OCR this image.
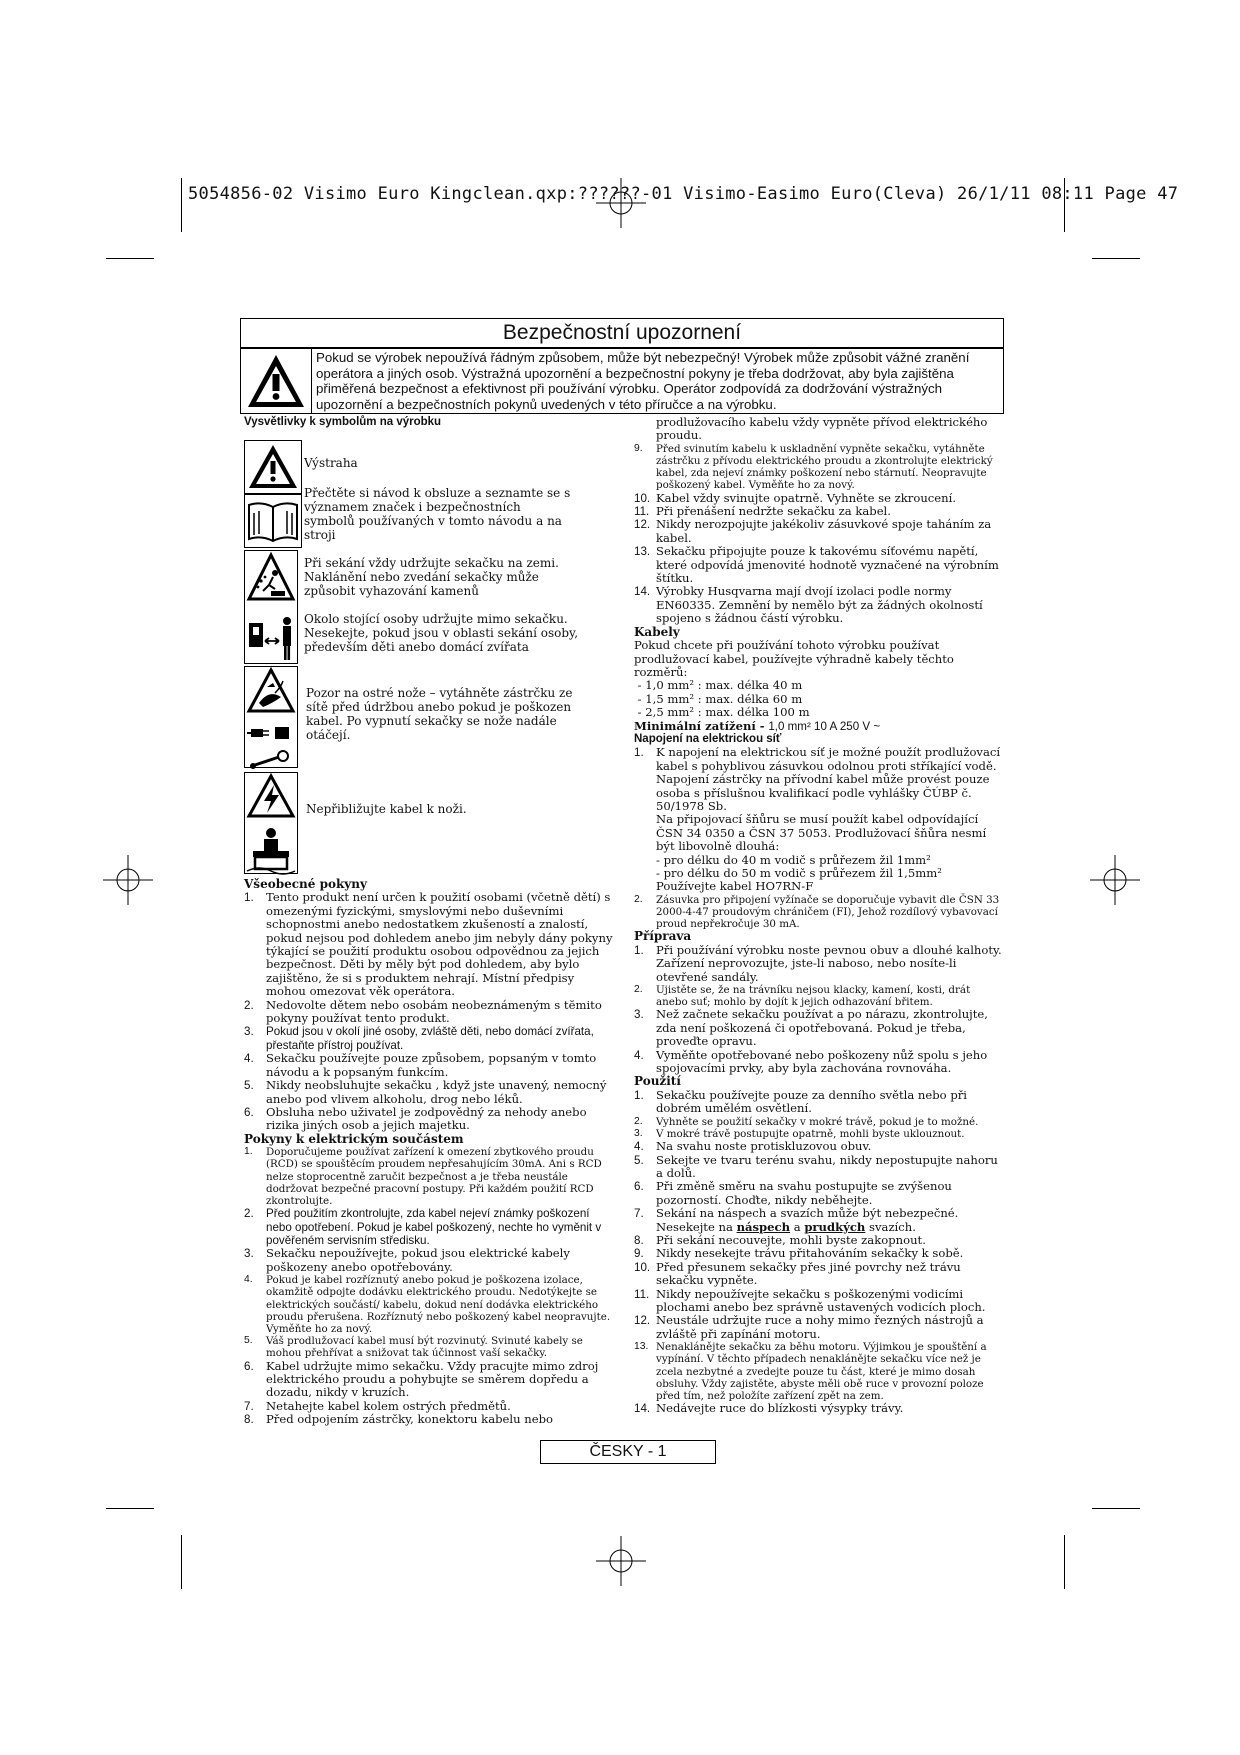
5054856-02 Visimo Euro Kingclean.qxp:??????-01 Visimo-Easimo Euro(Cleva) 26/1/11 08:11 Page 47
Bezpečnostní upozornení
Pokud se výrobek nepoužívá řádným způsobem, může být nebezpečný! Výrobek může způsobit vážné zranění operátora a jiných osob. Výstražná upozornění a bezpečnostní pokyny je třeba dodržovat, aby byla zajištěna přiměřená bezpečnost a efektivnost při používání výrobku. Operátor zodpovídá za dodržování výstražných upozornění a bezpečnostních pokynů uvedených v této příručce a na výrobku.
Vysvětlivky k symbolům na výrobku
Výstraha
Přečtěte si návod k obsluze a seznamte se s významem značek i bezpečnostních symbolů používaných v tomto návodu a na stroji

Při sekání vždy udržujte sekačku na zemi. Naklánění nebo zvedání sekačky může způsobit vyhazování kamenů
Okolo stojící osoby udržujte mimo sekačku. Nesekejte, pokud jsou v oblasti sekání osoby, především děti anebo domácí zvířata

Pozor na ostré nože – vytáhněte zástrčku ze sítě před údržbou anebo pokud je poškozen kabel. Po vypnutí sekačky se nože nadále otáčejí.

Nepřibližujte kabel k noži.
Všeobecné pokyny
1. Tento produkt není určen k použití osobami (včetně dětí) s omezenými fyzickými, smyslovými nebo duševními schopnostmi anebo nedostatkem zkušeností a znalostí, pokud nejsou pod dohledem anebo jim nebyly dány pokyny týkající se použití produktu osobou odpovědnou za jejich bezpečnost. Děti by měly být pod dohledem, aby bylo zajištěno, že si s produktem nehrají. Místní předpisy mohou omezovat věk operátora.
2. Nedovolte dětem nebo osobám neobeznámeným s tĕmito pokyny používat tento produkt.
3. Pokud jsou v okolí jiné osoby, zvláště děti, nebo domácí zvířata, přestaňte přístroj používat.
4. Sekačku používejte pouze způsobem, popsaným v tomto návodu a k popsaným funkcím.
5. Nikdy neobsluhujte sekačku , když jste unavený, nemocný anebo pod vlivem alkoholu, drog nebo léků.
6. Obsluha nebo uživatel je zodpovědný za nehody anebo rizika jiných osob a jejich majetku.
Pokyny k elektrickým součástem
1. Doporučujeme používat zařízení k omezení zbytkového proudu (RCD) se spouštěcím proudem nepřesahujícím 30mA. Ani s RCD nelze stoprocentně zaručit bezpečnost a je třeba neustále dodržovat bezpečné pracovní postupy. Při každém použití RCD zkontrolujte.
2. Před použitím zkontrolujte, zda kabel nejeví známky poškození nebo opotřebení. Pokud je kabel poškozený, nechte ho vyměnit v pověřeném servisním středisku.
3. Sekačku nepoužívejte, pokud jsou elektrické kabely poškozeny anebo opotřebovány.
4. Pokud je kabel rozříznutý anebo pokud je poškozena izolace, okamžitě odpojte dodávku elektrického proudu. Nedotýkejte se elektrických součástí/ kabelu, dokud není dodávka elektrického proudu přerušena. Rozříznutý nebo poškozený kabel neopravujte. Vyměňte ho za nový.
5. Váš prodlužovací kabel musí být rozvinutý. Svinuté kabely se mohou přehřívat a snižovat tak účinnost vaší sekačky.
6. Kabel udržujte mimo sekačku. Vždy pracujte mimo zdroj elektrického proudu a pohybujte se směrem dopředu a dozadu, nikdy v kruzích.
7. Netahejte kabel kolem ostrých předmětů.
8. Před odpojením zástrčky, konektoru kabelu nebo

prodlužovacího kabelu vždy vypněte přívod elektrického proudu.

9. Před svinutím kabelu k uskladnění vypněte sekačku, vytáhněte zástrčku z přívodu elektrického proudu a zkontrolujte elektrický kabel, zda nejeví známky poškození nebo stárnutí. Neopravujte poškozený kabel. Vyměňte ho za nový.
10. Kabel vždy svinujte opatrně. Vyhněte se zkroucení.
11. Při přenášení nedržte sekačku za kabel.
12. Nikdy nerozpojujte jakékoliv zásuvkové spoje taháním za kabel.
13. Sekačku připojujte pouze k takovému síťovému napětí, které odpovídá jmenovité hodnotě vyznačené na výrobním štítku.
14. Výrobky Husqvarna mají dvojí izolaci podle normy EN60335. Zemnění by nemělo být za žádných okolností spojeno s žádnou částí výrobku.
Kabely

Pokud chcete při používání tohoto výrobku používat prodlužovací kabel, používejte výhradně kabely těchto rozměrů:

- 1,0 mm² : max. délka 40 m
- 1,5 mm² : max. délka 60 m
- 2,5 mm² : max. délka 100 m
Minimální zatížení - 1,0 mm² 10 A 250 V ~
Napojení na elektrickou síť
1. K napojení na elektrickou síť je možné použít prodlužovací kabel s pohyblivou zásuvkou odolnou proti stříkající vodě. Napojení zástrčky na přívodní kabel může provést pouze osoba s příslušnou kvalifikací podle vyhlášky ČÚBP č. 50/1978 Sb.
Na připojovací šňůru se musí použít kabel odpovídající ČSN 34 0350 a ČSN 37 5053. Prodlužovací šňůra nesmí být libovolně dlouhá:
- pro délku do 40 m vodič s průřezem žil 1mm²
- pro délku do 50 m vodič s průřezem žil 1,5mm²
Používejte kabel HO7RN-F
2. Zásuvka pro připojení vyžínače se doporučuje vybavit dle ČSN 33 2000-4-47 proudovým chráničem (FI), Jehož rozdílový vybavovací proud nepřekročuje 30 mA.
Příprava
1. Při používání výrobku noste pevnou obuv a dlouhé kalhoty. Zařízení neprovozujte, jste-li naboso, nebo nosíte-li otevřené sandály.
2. Ujistěte se, že na trávníku nejsou klacky, kamení, kosti, drát anebo suť; mohlo by dojít k jejich odhazování břitem.
3. Než začnete sekačku používat a po nárazu, zkontrolujte, zda není poškozená či opotřebovaná. Pokud je třeba, proveďte opravu.
4. Vyměňte opotřebované nebo poškozeny nůž spolu s jeho spojovacími prvky, aby byla zachována rovnováha.
Použití
1. Sekačku používejte pouze za denního světla nebo při dobrém umělém osvětlení.
2. Vyhněte se použití sekačky v mokré trávě, pokud je to možné.
3. V mokré trávě postupujte opatrně, mohli byste uklouznout.
4. Na svahu noste protiskluzovou obuv.
5. Sekejte ve tvaru terénu svahu, nikdy nepostupujte nahoru a dolů.
6. Při změně směru na svahu postupujte se zvýšenou pozorností. Choďte, nikdy neběhejte.
7. Sekání na náspech a svazích může být nebezpečné. Nesekejte na náspech a prudkých svazích.
8. Při sekání necouvejte, mohli byste zakopnout.
9. Nikdy nesekejte trávu přitahováním sekačky k sobě.
10. Před přesunem sekačky přes jiné povrchy než trávu sekačku vypněte.
11. Nikdy nepoužívejte sekačku s poškozenými vodicími plochami anebo bez správně ustavených vodicích ploch.
12. Neustále udržujte ruce a nohy mimo řezných nástrojů a zvláště při zapínání motoru.
13. Nenaklánějte sekačku za běhu motoru. Výjimkou je spouštění a vypínání. V těchto případech nenaklánějte sekačku více než je zcela nezbytné a zvedejte pouze tu část, které je mimo dosah obsluhy. Vždy zajistěte, abyste měli obě ruce v provozní poloze před tím, než položíte zařízení zpět na zem.
14. Nedávejte ruce do blízkosti výsypky trávy.
ČESKY - 1
